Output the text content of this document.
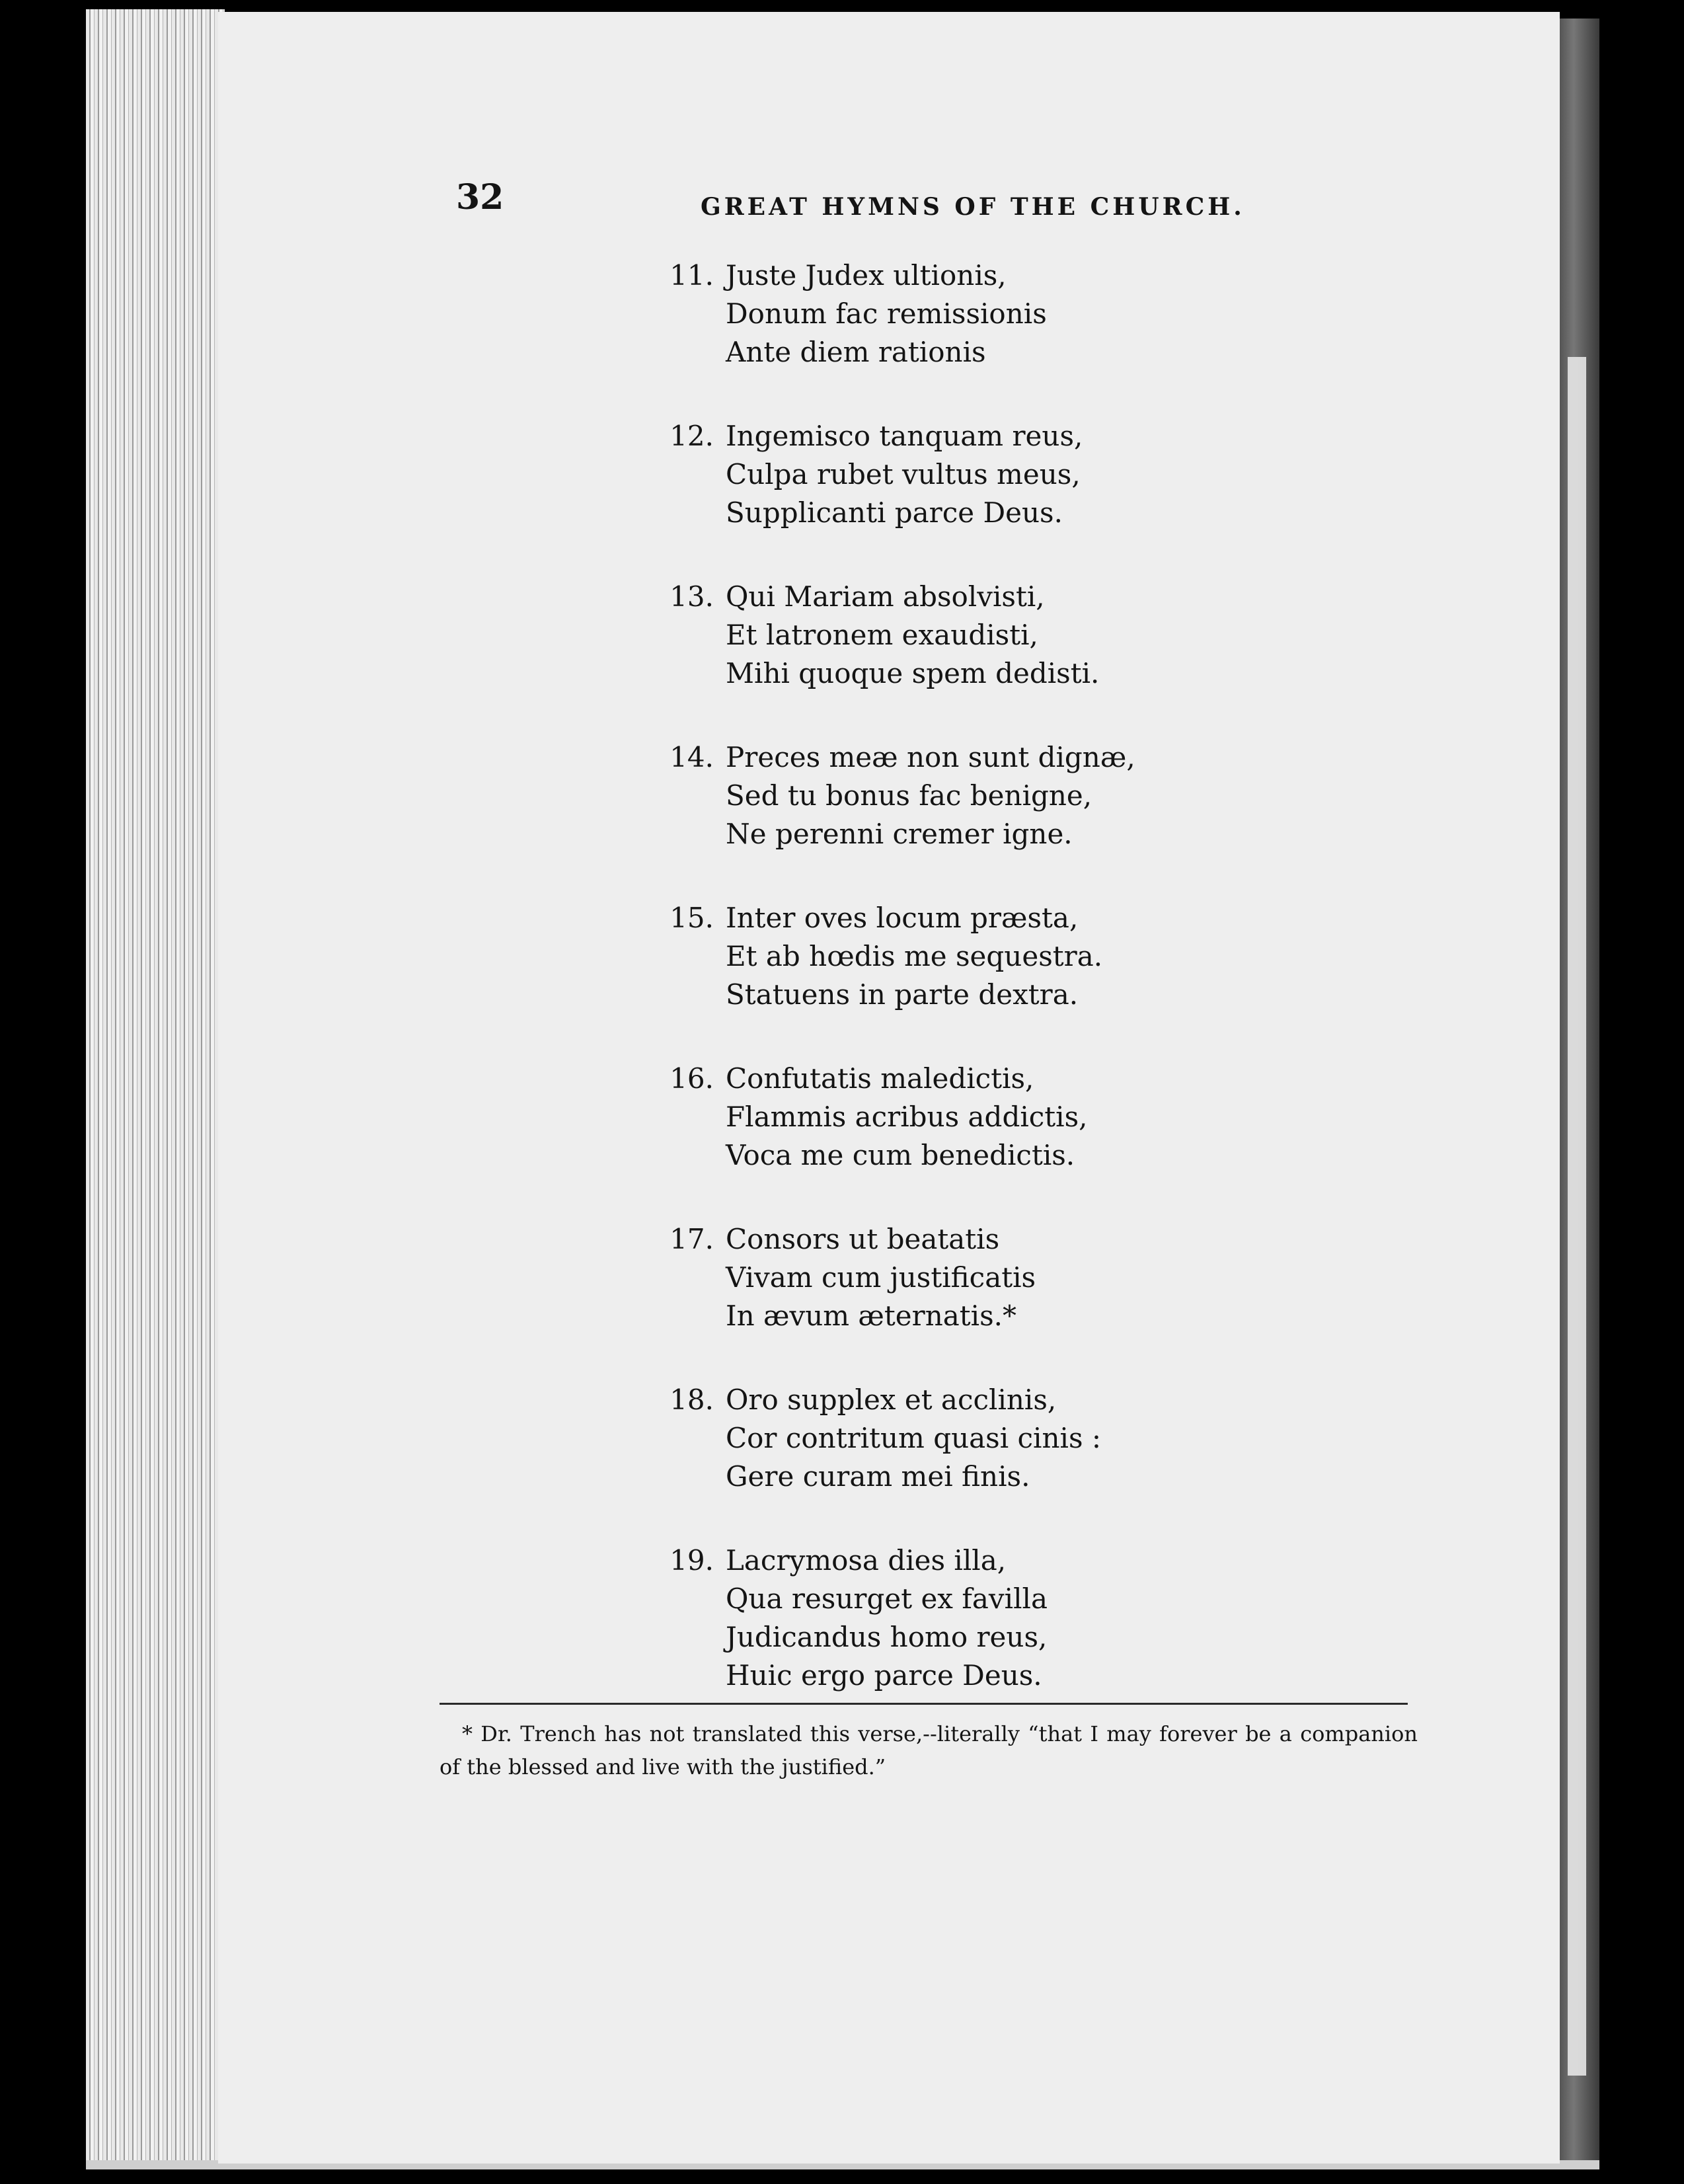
32	GREAT HYMNS OF THE CHURCH.
11. Juste Judex ultionis,
Donum fac remissionis
Ante diem rationis
12. Ingemisco tanquam reus,
Culpa rubet vultus meus,
Supplicanti parce Deus.
13. Qui Mariam absolvisti,
Et latronem exaudisti,
Mihi quoque spem dedisti.
14. Preces meæ non sunt dignæ,
Sed tu bonus fac benigne,
Ne perenni cremer igne.
15. Inter oves locum præsta,
Et ab hœdis me sequestra.
Statuens in parte dextra.
16. Confutatis maledictis,
Flammis acribus addictis,
Voca me cum benedictis.
17. Consors ut beatatis
Vivam cum justificatis
In ævum æternatis.*
18. Oro supplex et acclinis,
Cor contritum quasi cinis :
Gere curam mei finis.
19. Lacrymosa dies illa,
Qua resurget ex favilla
Judicandus homo reus,
Huic ergo parce Deus.
* Dr. Trench has not translated this verse,--literally “that I may forever be a companion of the blessed and live with the justified.”
